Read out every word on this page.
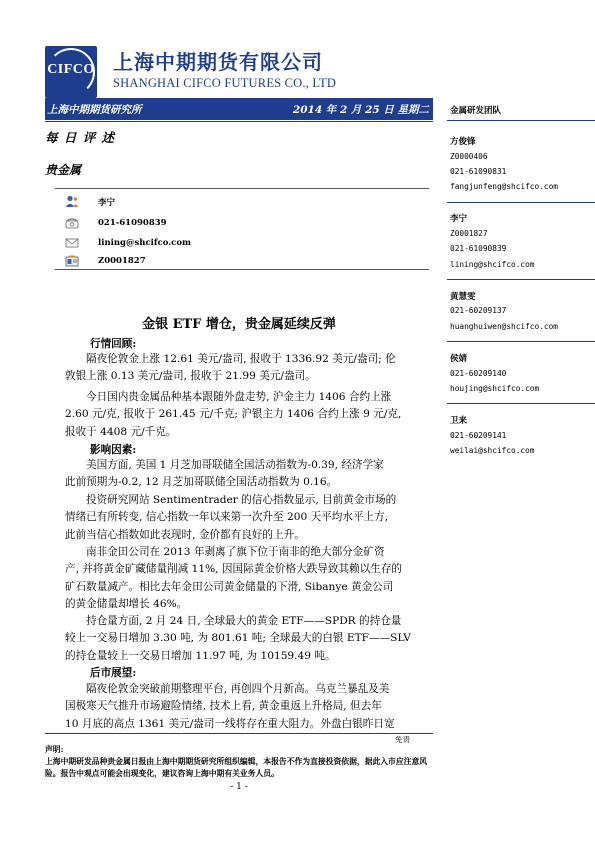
CIFCO 上海中期期货有限公司
SHANGHAI CIFCO FUTURES CO., LTD
上海中期期货研究所	2014 年 2 月 25 日 星期二
每 日 评 述
贵金属
李宁
021-61090839
lining@shcifco.com
Z0001827
金银 ETF 增仓，贵金属延续反弹
行情回顾:
隔夜伦敦金上涨 12.61 美元/盎司, 报收于 1336.92 美元/盎司; 伦
敦银上涨 0.13 美元/盎司, 报收于 21.99 美元/盎司。
今日国内贵金属品种基本跟随外盘走势, 沪金主力 1406 合约上涨
2.60 元/克, 报收于 261.45 元/千克; 沪银主力 1406 合约上涨 9 元/克,
报收于 4408 元/千克。
影响因素:
美国方面, 美国 1 月芝加哥联储全国活动指数为-0.39, 经济学家
此前预期为-0.2, 12 月芝加哥联储全国活动指数为 0.16。
投资研究网站 Sentimentrader 的信心指数显示, 目前黄金市场的
情绪已有所转变, 信心指数一年以来第一次升至 200 天平均水平上方,
此前当信心指数如此表现时, 金价都有良好的上升。
南非金田公司在 2013 年剥离了旗下位于南非的绝大部分金矿资
产, 并将黄金矿藏储量削减 11%, 因国际黄金价格大跌导致其赖以生存的
矿石数量减产。相比去年金田公司黄金储量的下滑, Sibanye 黄金公司
的黄金储量却增长 46%。
持仓量方面, 2 月 24 日, 全球最大的黄金 ETF——SPDR 的持仓量
较上一交易日增加 3.30 吨, 为 801.61 吨; 全球最大的白银 ETF——SLV
的持仓量较上一交易日增加 11.97 吨, 为 10159.49 吨。
后市展望:
隔夜伦敦金突破前期整理平台, 再创四个月新高。乌克兰暴乱及美
国极寒天气推升市场避险情绪, 技术上看, 黄金重返上升格局, 但去年
10 月底的高点 1361 美元/盎司一线将存在重大阻力。外盘白银昨日宽
金属研发团队
方俊锋
Z0000406
021-61090831
fangjunfeng@shcifco.com
李宁
Z0001827
021-61090839
lining@shcifco.com
黄慧雯
021-60209137
huanghuiwen@shcifco.com
侯婧
021-60209140
houjing@shcifco.com
卫来
021-60209141
weilai@shcifco.com
免责
声明:
上海中期研发品种贵金属日报由上海中期期货研究所组织编辑，本报告不作为直接投资依据，据此入市应注意风险。报告中观点可能会出现变化，建议咨询上海中期有关业务人员。
- 1 -
